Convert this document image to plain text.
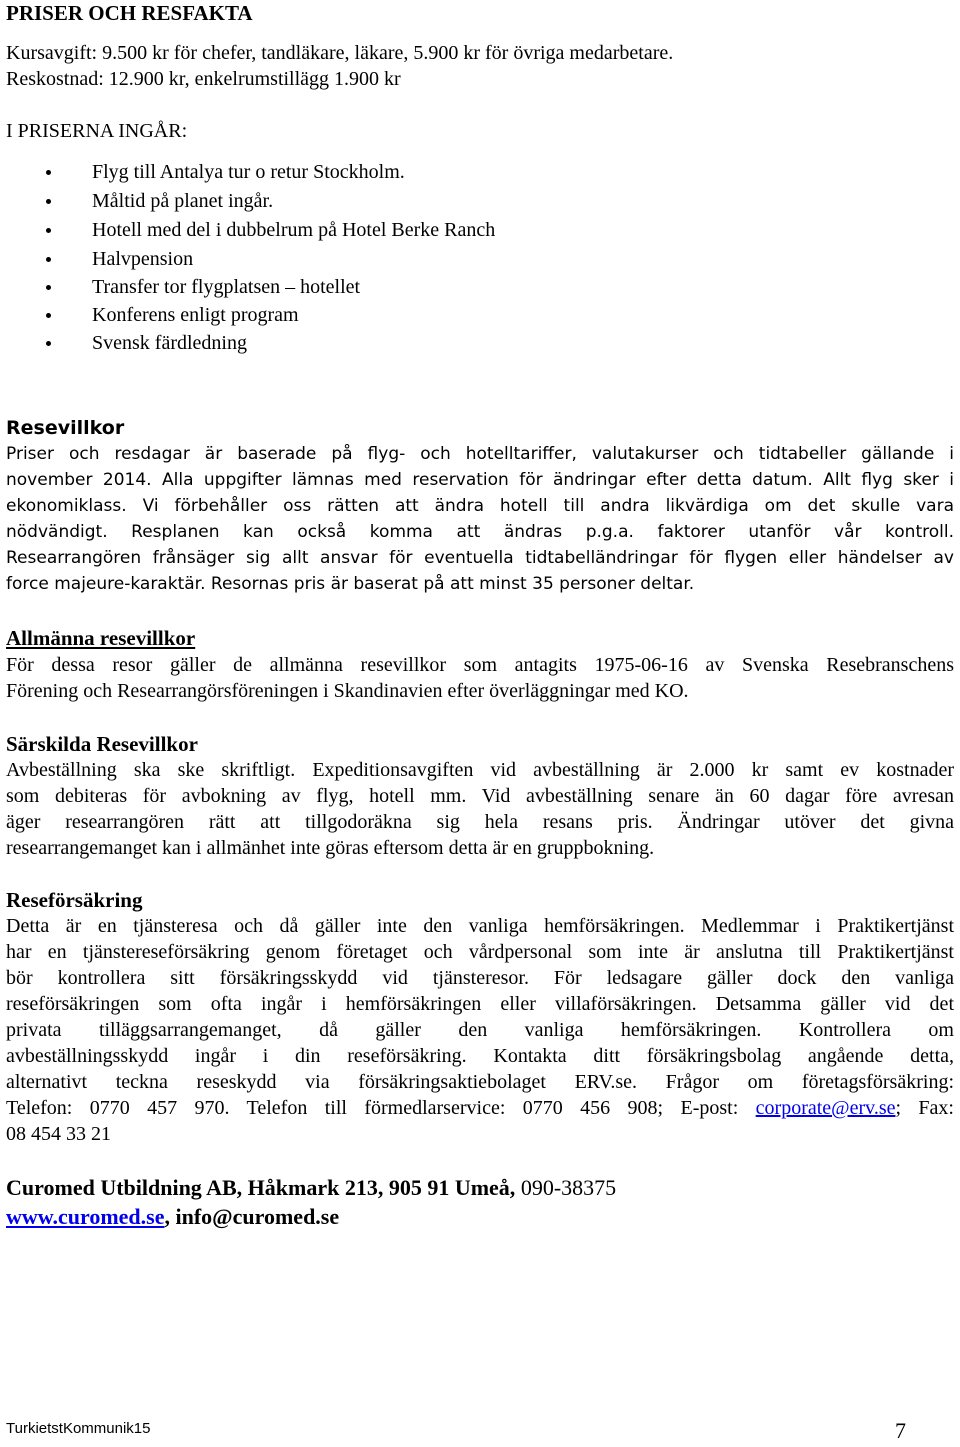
PRISER OCH RESFAKTA
Kursavgift: 9.500 kr för chefer, tandläkare, läkare, 5.900 kr för övriga medarbetare.
Reskostnad: 12.900 kr, enkelrumstillägg 1.900 kr
I PRISERNA INGÅR:
Flyg till Antalya tur o retur Stockholm.
Måltid på planet ingår.
Hotell med del i dubbelrum på Hotel Berke Ranch
Halvpension
Transfer tor flygplatsen – hotellet
Konferens enligt program
Svensk färdledning
Resevillkor
Priser och resdagar är baserade på flyg- och hotelltariffer, valutakurser och tidtabeller gällande i
november 2014. Alla uppgifter lämnas med reservation för ändringar efter detta datum. Allt flyg sker i
ekonomiklass. Vi förbehåller oss rätten att ändra hotell till andra likvärdiga om det skulle vara
nödvändigt. Resplanen kan också komma att ändras p.g.a. faktorer utanför vår kontroll.
Researrangören frånsäger sig allt ansvar för eventuella tidtabelländringar för flygen eller händelser av
force majeure-karaktär. Resornas pris är baserat på att minst 35 personer deltar.
Allmänna resevillkor
För dessa resor gäller de allmänna resevillkor som antagits 1975-06-16 av Svenska Resebranschens
Förening och Researrangörsföreningen i Skandinavien efter överläggningar med KO.
Särskilda Resevillkor
Avbeställning ska ske skriftligt. Expeditionsavgiften vid avbeställning är 2.000 kr samt ev kostnader
som debiteras för avbokning av flyg, hotell mm. Vid avbeställning senare än 60 dagar före avresan
äger researrangören rätt att tillgodoräkna sig hela resans pris. Ändringar utöver det givna
researrangemanget kan i allmänhet inte göras eftersom detta är en gruppbokning.
Reseförsäkring
Detta är en tjänsteresa och då gäller inte den vanliga hemförsäkringen. Medlemmar i Praktikertjänst
har en tjänstereseförsäkring genom företaget och vårdpersonal som inte är anslutna till Praktikertjänst
bör kontrollera sitt försäkringsskydd vid tjänsteresor. För ledsagare gäller dock den vanliga
reseförsäkringen som ofta ingår i hemförsäkringen eller villaförsäkringen. Detsamma gäller vid det
privata tilläggsarrangemanget, då gäller den vanliga hemförsäkringen. Kontrollera om
avbeställningsskydd ingår i din reseförsäkring. Kontakta ditt försäkringsbolag angående detta,
alternativt teckna reseskydd via försäkringsaktiebolaget ERV.se. Frågor om företagsförsäkring:
Telefon: 0770 457 970. Telefon till förmedlarservice: 0770 456 908; E-post: corporate@erv.se; Fax:
08 454 33 21
Curomed Utbildning AB, Håkmark 213, 905 91 Umeå, 090-38375
www.curomed.se, info@curomed.se
TurkietstKommunik15	7
